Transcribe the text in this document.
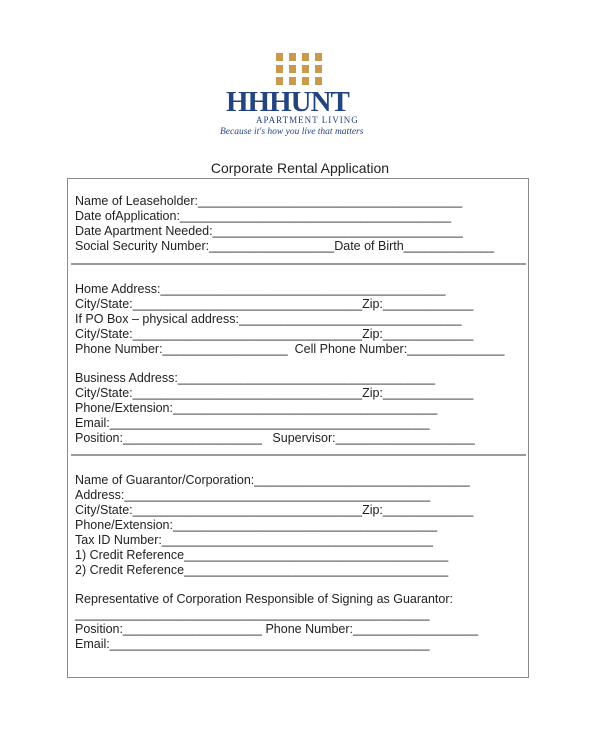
HHHUNT
APARTMENT LIVING
Because it's how you live that matters
Corporate Rental Application
Name of Leaseholder:______________________________________
Date ofApplication:_______________________________________
Date Apartment Needed:____________________________________
Social Security Number:__________________Date of Birth_____________
Home Address:_________________________________________
City/State:_________________________________Zip:_____________
If PO Box – physical address:________________________________
City/State:_________________________________Zip:_____________
Phone Number:__________________  Cell Phone Number:______________
Business Address:_____________________________________
City/State:_________________________________Zip:_____________
Phone/Extension:______________________________________
Email:______________________________________________
Position:____________________   Supervisor:____________________
Name of Guarantor/Corporation:_______________________________
Address:____________________________________________
City/State:_________________________________Zip:_____________
Phone/Extension:______________________________________
Tax ID Number:_______________________________________
1) Credit Reference______________________________________
2) Credit Reference______________________________________
Representative of Corporation Responsible of Signing as Guarantor:
___________________________________________________
Position:____________________ Phone Number:__________________
Email:______________________________________________
